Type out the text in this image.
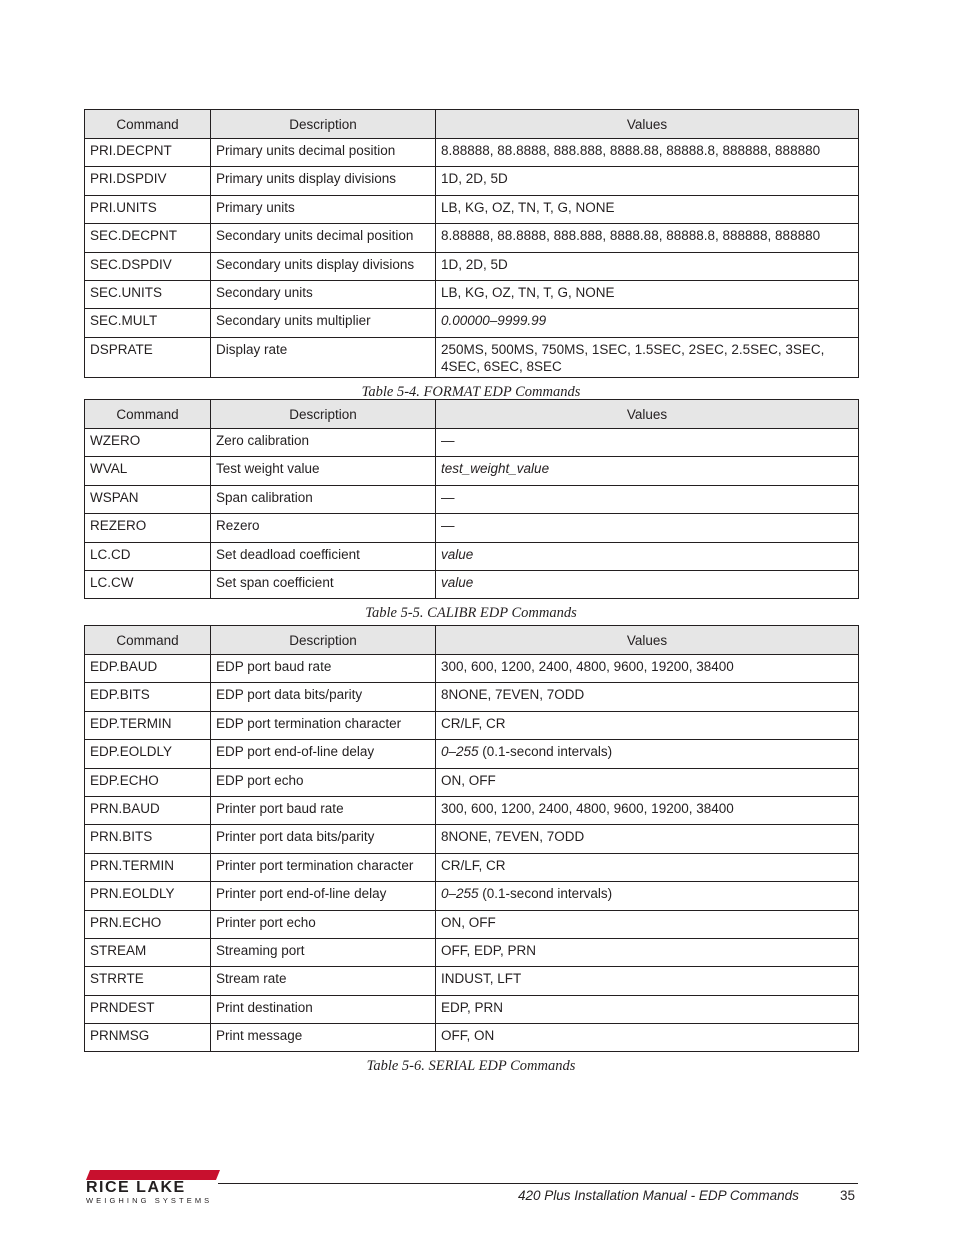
Command	Description	Values
PRI.DECPNT	Primary units decimal position	8.88888, 88.8888, 888.888, 8888.88, 88888.8, 888888, 888880
PRI.DSPDIV	Primary units display divisions	1D, 2D, 5D
PRI.UNITS	Primary units	LB, KG, OZ, TN, T, G, NONE
SEC.DECPNT	Secondary units decimal position	8.88888, 88.8888, 888.888, 8888.88, 88888.8, 888888, 888880
SEC.DSPDIV	Secondary units display divisions	1D, 2D, 5D
SEC.UNITS	Secondary units	LB, KG, OZ, TN, T, G, NONE
SEC.MULT	Secondary units multiplier	0.00000–9999.99
DSPRATE	Display rate	250MS, 500MS, 750MS, 1SEC, 1.5SEC, 2SEC, 2.5SEC, 3SEC, 4SEC, 6SEC, 8SEC
Table 5-4. FORMAT EDP Commands
Command	Description	Values
WZERO	Zero calibration	—
WVAL	Test weight value	test_weight_value
WSPAN	Span calibration	—
REZERO	Rezero	—
LC.CD	Set deadload coefficient	value
LC.CW	Set span coefficient	value
Table 5-5. CALIBR EDP Commands
Command	Description	Values
EDP.BAUD	EDP port baud rate	300, 600, 1200, 2400, 4800, 9600, 19200, 38400
EDP.BITS	EDP port data bits/parity	8NONE, 7EVEN, 7ODD
EDP.TERMIN	EDP port termination character	CR/LF, CR
EDP.EOLDLY	EDP port end-of-line delay	0–255 (0.1-second intervals)
EDP.ECHO	EDP port echo	ON, OFF
PRN.BAUD	Printer port baud rate	300, 600, 1200, 2400, 4800, 9600, 19200, 38400
PRN.BITS	Printer port data bits/parity	8NONE, 7EVEN, 7ODD
PRN.TERMIN	Printer port termination character	CR/LF, CR
PRN.EOLDLY	Printer port end-of-line delay	0–255 (0.1-second intervals)
PRN.ECHO	Printer port echo	ON, OFF
STREAM	Streaming port	OFF, EDP, PRN
STRRTE	Stream rate	INDUST, LFT
PRNDEST	Print destination	EDP, PRN
PRNMSG	Print message	OFF, ON
Table 5-6. SERIAL EDP Commands
RICE LAKE
WEIGHING SYSTEMS	420 Plus Installation Manual - EDP Commands	35
